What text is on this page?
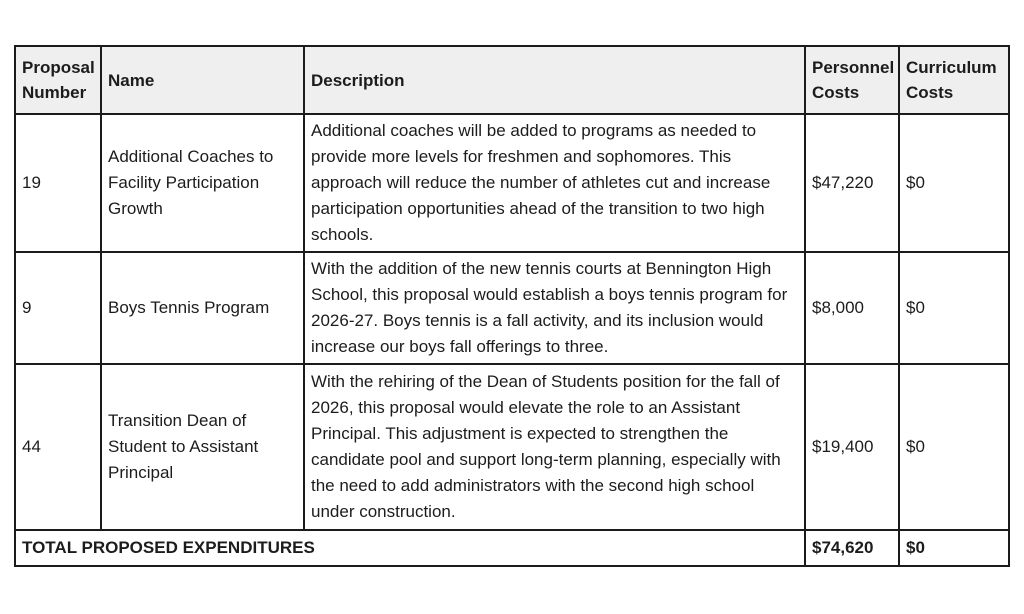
Proposal Number	Name	Description	Personnel Costs	Curriculum Costs
19	Additional Coaches to Facility Participation Growth	Additional coaches will be added to programs as needed to provide more levels for freshmen and sophomores. This approach will reduce the number of athletes cut and increase participation opportunities ahead of the transition to two high schools.	$47,220	$0
9	Boys Tennis Program	With the addition of the new tennis courts at Bennington High School, this proposal would establish a boys tennis program for 2026-27. Boys tennis is a fall activity, and its inclusion would increase our boys fall offerings to three.	$8,000	$0
44	Transition Dean of Student to Assistant Principal	With the rehiring of the Dean of Students position for the fall of 2026, this proposal would elevate the role to an Assistant Principal. This adjustment is expected to strengthen the candidate pool and support long-term planning, especially with the need to add administrators with the second high school under construction.	$19,400	$0
TOTAL PROPOSED EXPENDITURES			$74,620	$0
